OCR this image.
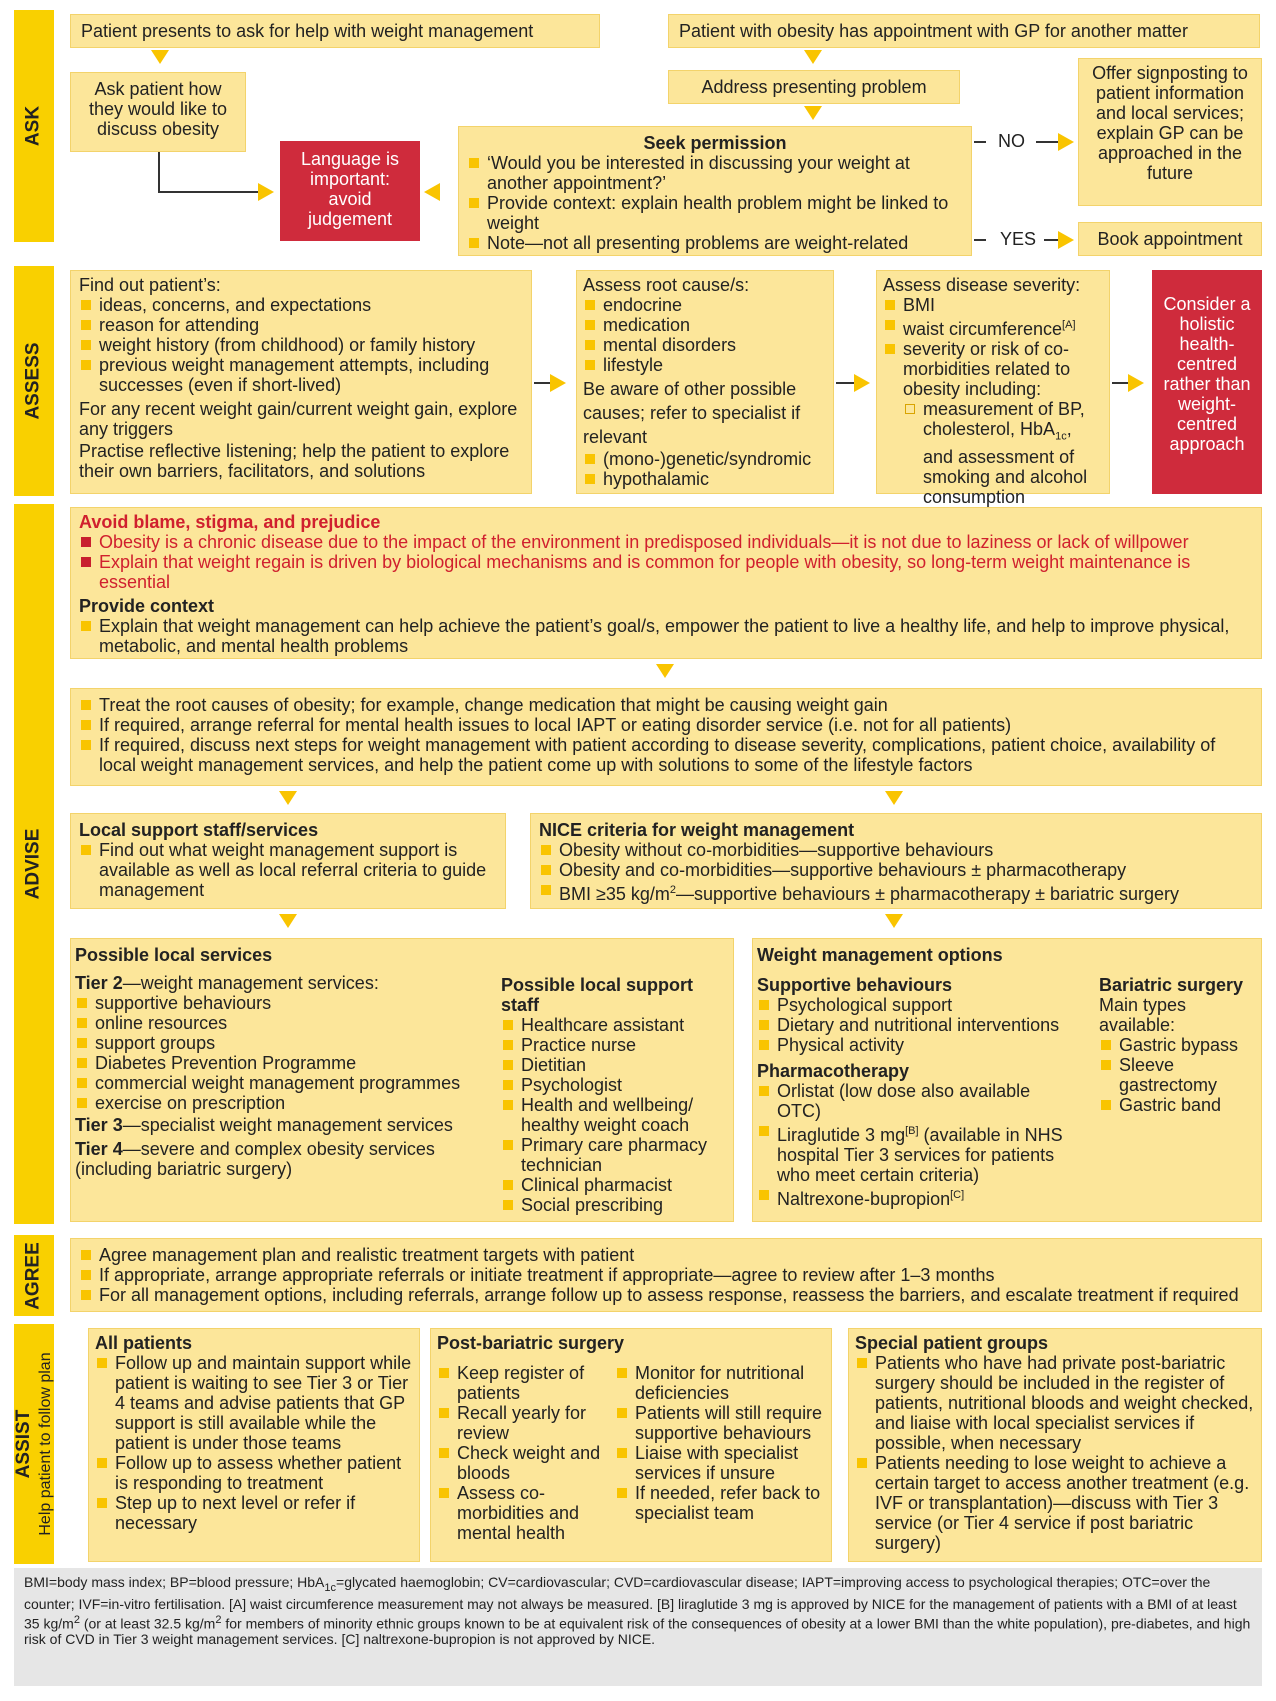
ASK
ASSESS
ADVISE
AGREE
ASSIST Help patient to follow plan
Patient presents to ask for help with weight management	Patient with obesity has appointment with GP for another matter
Ask patient how they would like to discuss obesity
Address presenting problem
Language is important: avoid judgement
Seek permission
‘Would you be interested in discussing your weight at another appointment?’
Provide context: explain health problem might be linked to weight
Note—not all presenting problems are weight-related
NO
YES
Offer signposting to patient information and local services; explain GP can be approached in the future
Book appointment
Find out patient’s:
ideas, concerns, and expectations
reason for attending
weight history (from childhood) or family history
previous weight management attempts, including successes (even if short-lived)
For any recent weight gain/current weight gain, explore any triggers
Practise reflective listening; help the patient to explore their own barriers, facilitators, and solutions
Assess root cause/s:
endocrine
medication
mental disorders
lifestyle
Be aware of other possible causes; refer to specialist if relevant
(mono-)genetic/syndromic
hypothalamic
Assess disease severity:
BMI
waist circumference[A]
severity or risk of co-morbidities related to obesity including:
measurement of BP, cholesterol, HbA$_{1c}$, and assessment of smoking and alcohol consumption
Consider a holistic health-centred rather than weight-centred approach
Avoid blame, stigma, and prejudice
Obesity is a chronic disease due to the impact of the environment in predisposed individuals—it is not due to laziness or lack of willpower
Explain that weight regain is driven by biological mechanisms and is common for people with obesity, so long-term weight maintenance is essential
Provide context
Explain that weight management can help achieve the patient’s goal/s, empower the patient to live a healthy life, and help to improve physical, metabolic, and mental health problems
Treat the root causes of obesity; for example, change medication that might be causing weight gain
If required, arrange referral for mental health issues to local IAPT or eating disorder service (i.e. not for all patients)
If required, discuss next steps for weight management with patient according to disease severity, complications, patient choice, availability of local weight management services, and help the patient come up with solutions to some of the lifestyle factors
Local support staff/services
Find out what weight management support is available as well as local referral criteria to guide management
NICE criteria for weight management
Obesity without co-morbidities—supportive behaviours
Obesity and co-morbidities—supportive behaviours ± pharmacotherapy
BMI ≥35 $kg/m^2—supportive$ behaviours ± pharmacotherapy ± bariatric surgery
Possible local services
Tier 2—weight management services:
supportive behaviours
online resources
support groups
Diabetes Prevention Programme
commercial weight management programmes
exercise on prescription
Tier 3—specialist weight management services
Tier 4—severe and complex obesity services (including bariatric surgery)
Possible local support staff
Healthcare assistant
Practice nurse
Dietitian
Psychologist
Health and wellbeing/ healthy weight coach
Primary care pharmacy technician
Clinical pharmacist
Social prescribing
Weight management options
Supportive behaviours
Psychological support
Dietary and nutritional interventions
Physical activity
Pharmacotherapy
Orlistat (low dose also available OTC)
Liraglutide 3 mg[B] (available in NHS hospital Tier 3 services for patients who meet certain criteria)
Naltrexone-bupropion[C]
Bariatric surgery
Main types available:
Gastric bypass
Sleeve gastrectomy
Gastric band
Agree management plan and realistic treatment targets with patient
If appropriate, arrange appropriate referrals or initiate treatment if appropriate—agree to review after 1–3 months
For all management options, including referrals, arrange follow up to assess response, reassess the barriers, and escalate treatment if required
All patients
Follow up and maintain support while patient is waiting to see Tier 3 or Tier 4 teams and advise patients that GP support is still available while the patient is under those teams
Follow up to assess whether patient is responding to treatment
Step up to next level or refer if necessary
Post-bariatric surgery
Keep register of patients
Recall yearly for review
Check weight and bloods
Assess co-morbidities and mental health
Monitor for nutritional deficiencies
Patients will still require supportive behaviours
Liaise with specialist services if unsure
If needed, refer back to specialist team
Special patient groups
Patients who have had private post-bariatric surgery should be included in the register of patients, nutritional bloods and weight checked, and liaise with local specialist services if possible, when necessary
Patients needing to lose weight to achieve a certain target to access another treatment (e.g. IVF or transplantation)—discuss with Tier 3 service (or Tier 4 service if post bariatric surgery)
BMI=body mass index; BP=blood pressure; HbA$_{1c}$=glycated haemoglobin; CV=cardiovascular; CVD=cardiovascular disease; IAPT=improving access to psychological therapies; OTC=over the counter; IVF=in-vitro fertilisation. [A] waist circumference measurement may not always be measured. [B] liraglutide 3 mg is approved by NICE for the management of patients with a BMI of at least 35 $kg/m^2$ (or at least 32.5 $kg/m^2$ for members of minority ethnic groups known to be at equivalent risk of the consequences of obesity at a lower BMI than the white population), pre-diabetes, and high risk of CVD in Tier 3 weight management services. [C] naltrexone-bupropion is not approved by NICE.
